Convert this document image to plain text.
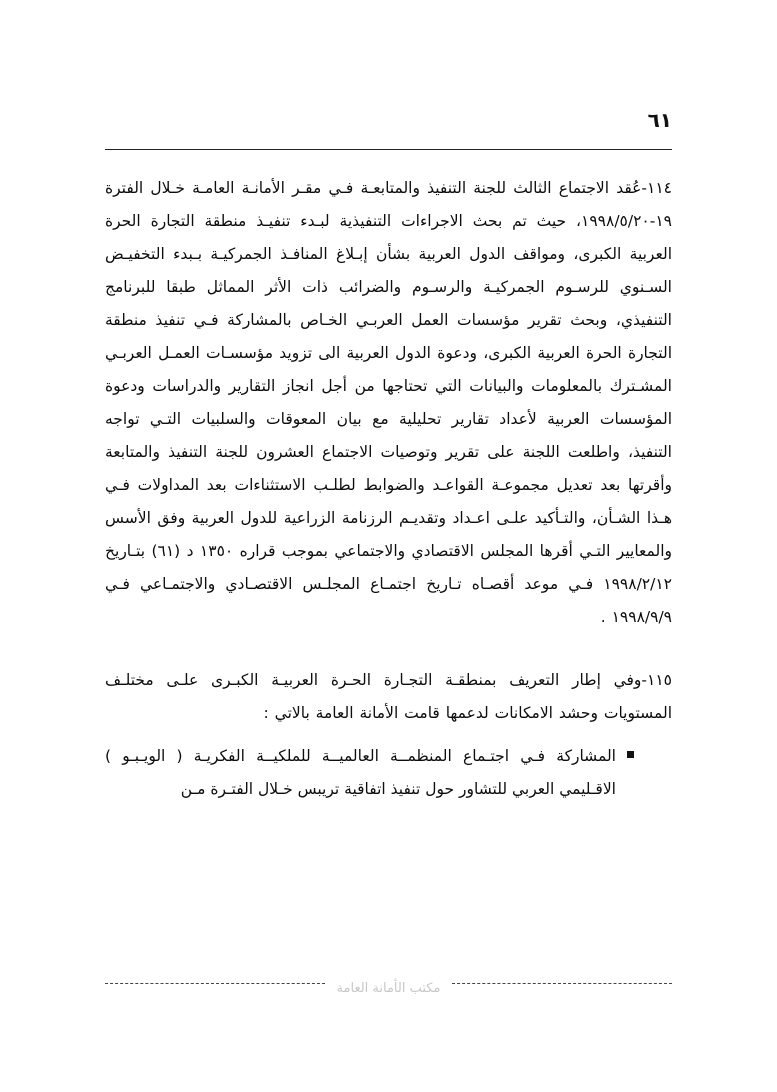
٦١

١١٤-عُقد الاجتماع الثالث للجنة التنفيذ والمتابعـة فـي مقـر الأمانـة العامـة خـلال الفترة ١٩-١٩٩٨/٥/٢٠، حيث تم بحث الاجراءات التنفيذية لبـدء تنفيـذ منطقة التجارة الحرة العربية الكبرى، ومواقف الدول العربية بشأن إبـلاغ المنافـذ الجمركيـة بـبدء التخفيـض السـنوي للرسـوم الجمركيـة والرسـوم والضرائب ذات الأثر المماثل طبقا للبرنامج التنفيذي، وبحث تقرير مؤسسات العمل العربـي الخـاص بالمشاركة فـي تنفيذ منطقة التجارة الحرة العربية الكبرى، ودعوة الدول العربية الى تزويد مؤسسـات العمـل العربـي المشـترك بالمعلومات والبيانات التي تحتاجها من أجل انجاز التقارير والدراسات ودعوة المؤسسات العربية لأعداد تقارير تحليلية مع بيان المعوقات والسلبيات التـي تواجه التنفيذ، واطلعت اللجنة على تقرير وتوصيات الاجتماع العشرون للجنة التنفيذ والمتابعة وأقرتها بعد تعديل مجموعـة القواعـد والضوابط لطلـب الاستثناءات بعد المداولات فـي هـذا الشـأن، والتـأكيد علـى اعـداد وتقديـم الرزنامة الزراعية للدول العربية وفق الأسس والمعايير التـي أقرها المجلس الاقتصادي والاجتماعي بموجب قراره ١٣٥٠ د (٦١) بتـاريخ ١٩٩٨/٢/١٢ فـي موعد أقصـاه تـاريخ اجتمـاع المجلـس الاقتصـادي والاجتمـاعي فـي ١٩٩٨/٩/٩ .

١١٥-وفي إطار التعريف بمنطقـة التجـارة الحـرة العربيـة الكبـرى علـى مختلـف المستويات وحشد الامكانات لدعمها قامت الأمانة العامة بالاتي :

المشاركة فـي اجتـماع المنظمــة العالميــة للملكيــة الفكريـة ( الويـبـو ) الاقـليمي العربي للتشاور حول تنفيذ اتفاقية تريبس خـلال الفتـرة مـن
مكتب الأمانة العامة
